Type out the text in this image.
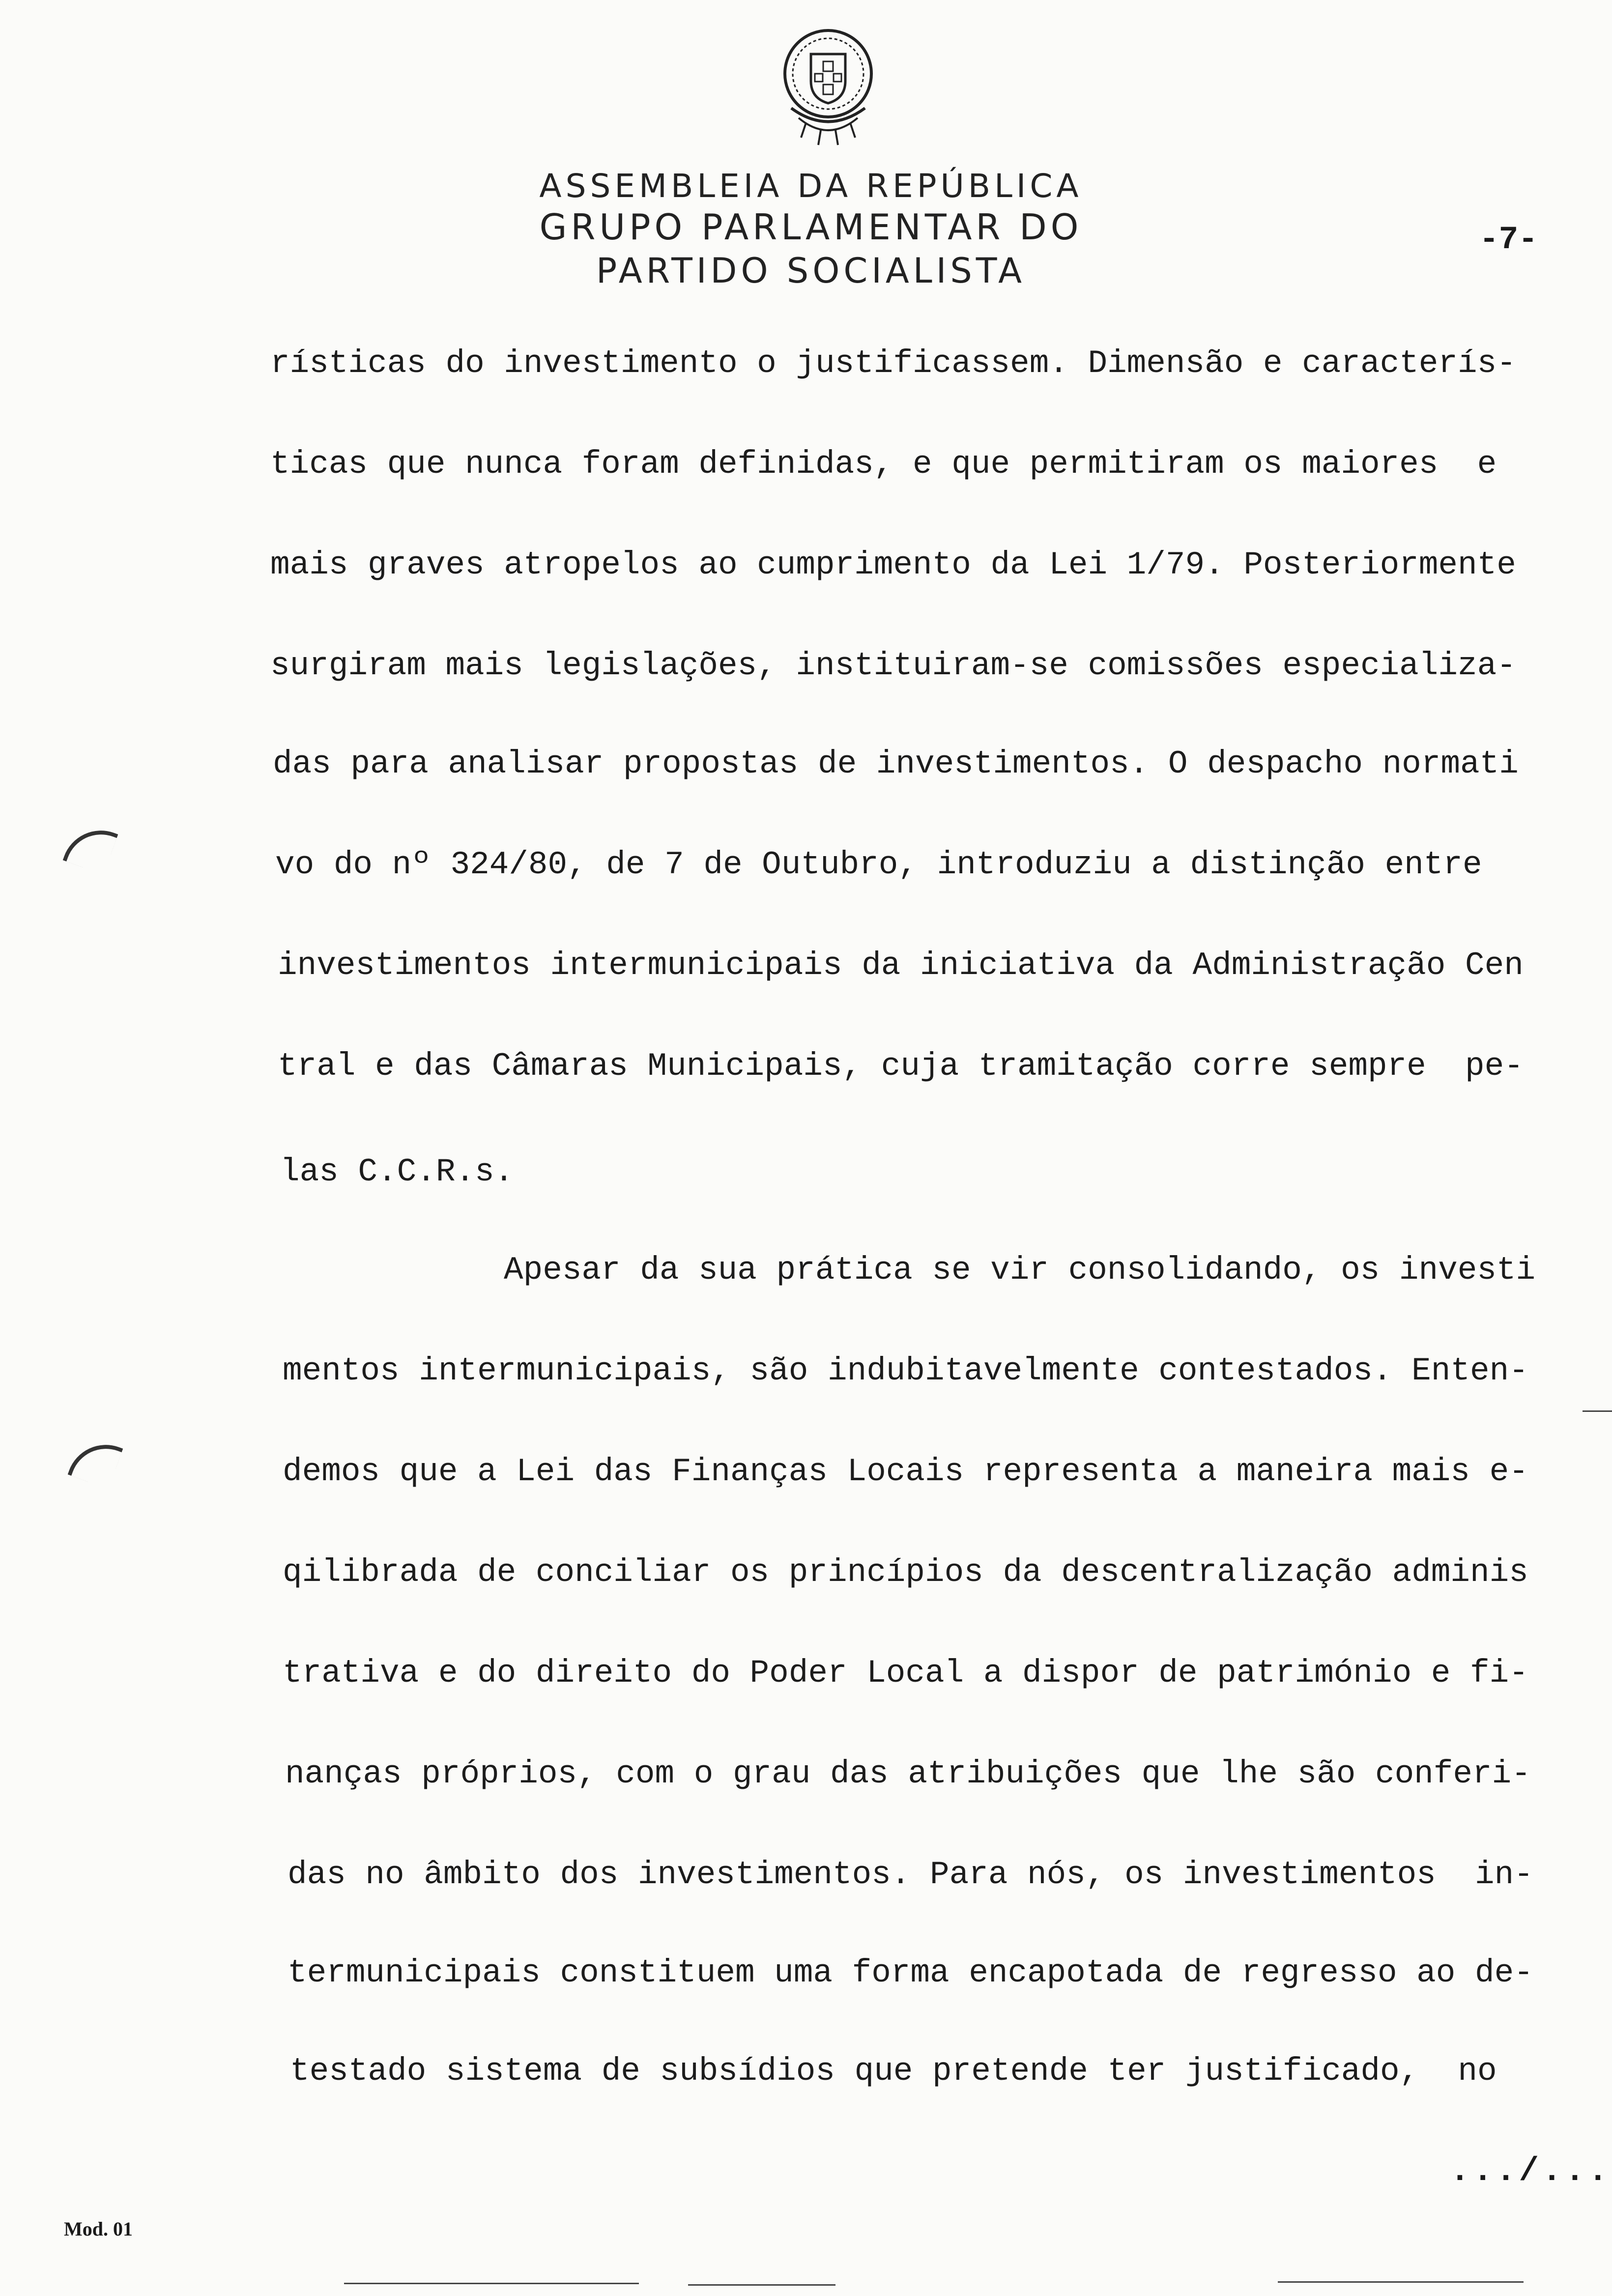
ASSEMBLEIA DA REPÚBLICA
GRUPO PARLAMENTAR DO
PARTIDO SOCIALISTA
-7-
rísticas do investimento o justificassem. Dimensão e caracterís-
ticas que nunca foram definidas, e que permitiram os maiores  e
mais graves atropelos ao cumprimento da Lei 1/79. Posteriormente
surgiram mais legislações, instituiram-se comissões especializa-
das para analisar propostas de investimentos. O despacho normati
vo do nº 324/80, de 7 de Outubro, introduziu a distinção entre
investimentos intermunicipais da iniciativa da Administração Cen
tral e das Câmaras Municipais, cuja tramitação corre sempre  pe-
las C.C.R.s.
Apesar da sua prática se vir consolidando, os investi
mentos intermunicipais, são indubitavelmente contestados. Enten-
demos que a Lei das Finanças Locais representa a maneira mais e-
qilibrada de conciliar os princípios da descentralização adminis
trativa e do direito do Poder Local a dispor de património e fi-
nanças próprios, com o grau das atribuições que lhe são conferi-
das no âmbito dos investimentos. Para nós, os investimentos  in-
termunicipais constituem uma forma encapotada de regresso ao de-
testado sistema de subsídios que pretende ter justificado,  no
.../...
Mod. 01
